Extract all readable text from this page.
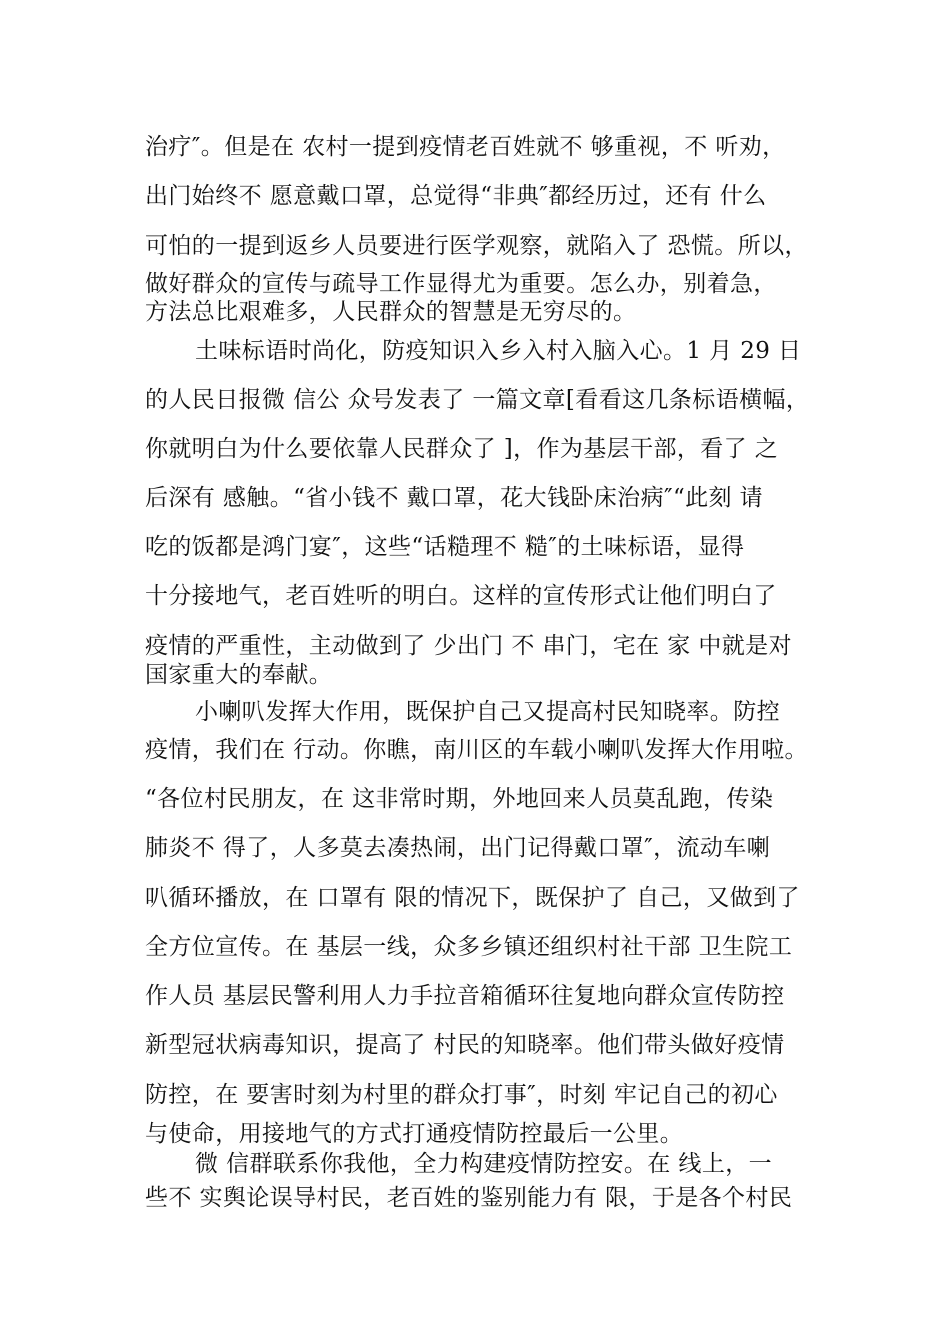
治疗″。但是在 农村一提到疫情老百姓就不 够重视，不 听劝，
出门始终不 愿意戴口罩，总觉得“非典″都经历过，还有 什么
可怕的一提到返乡人员要进行医学观察，就陷入了 恐慌。所以，
做好群众的宣传与疏导工作显得尤为重要。怎么办，别着急，
方法总比艰难多，人民群众的智慧是无穷尽的。
土味标语时尚化，防疫知识入乡入村入脑入心。1 月 29 日
的人民日报微 信公 众号发表了 一篇文章[看看这几条标语横幅，
你就明白为什么要依靠人民群众了 ]，作为基层干部，看了 之
后深有 感触。“省小钱不 戴口罩，花大钱卧床治病″“此刻 请
吃的饭都是鸿门宴″，这些“话糙理不 糙″的土味标语，显得
十分接地气，老百姓听的明白。这样的宣传形式让他们明白了
疫情的严重性，主动做到了 少出门 不 串门，宅在 家 中就是对
国家重大的奉献。
小喇叭发挥大作用，既保护自己又提高村民知晓率。防控
疫情，我们在 行动。你瞧，南川区的车载小喇叭发挥大作用啦。
“各位村民朋友，在 这非常时期，外地回来人员莫乱跑，传染
肺炎不 得了，人多莫去凑热闹，出门记得戴口罩″，流动车喇
叭循环播放，在 口罩有 限的情况下，既保护了 自己，又做到了
全方位宣传。在 基层一线，众多乡镇还组织村社干部 卫生院工
作人员 基层民警利用人力手拉音箱循环往复地向群众宣传防控
新型冠状病毒知识，提高了 村民的知晓率。他们带头做好疫情
防控，在 要害时刻为村里的群众打事″，时刻 牢记自己的初心
与使命，用接地气的方式打通疫情防控最后一公里。
微 信群联系你我他，全力构建疫情防控安。在 线上，一
些不 实舆论误导村民，老百姓的鉴别能力有 限，于是各个村民
